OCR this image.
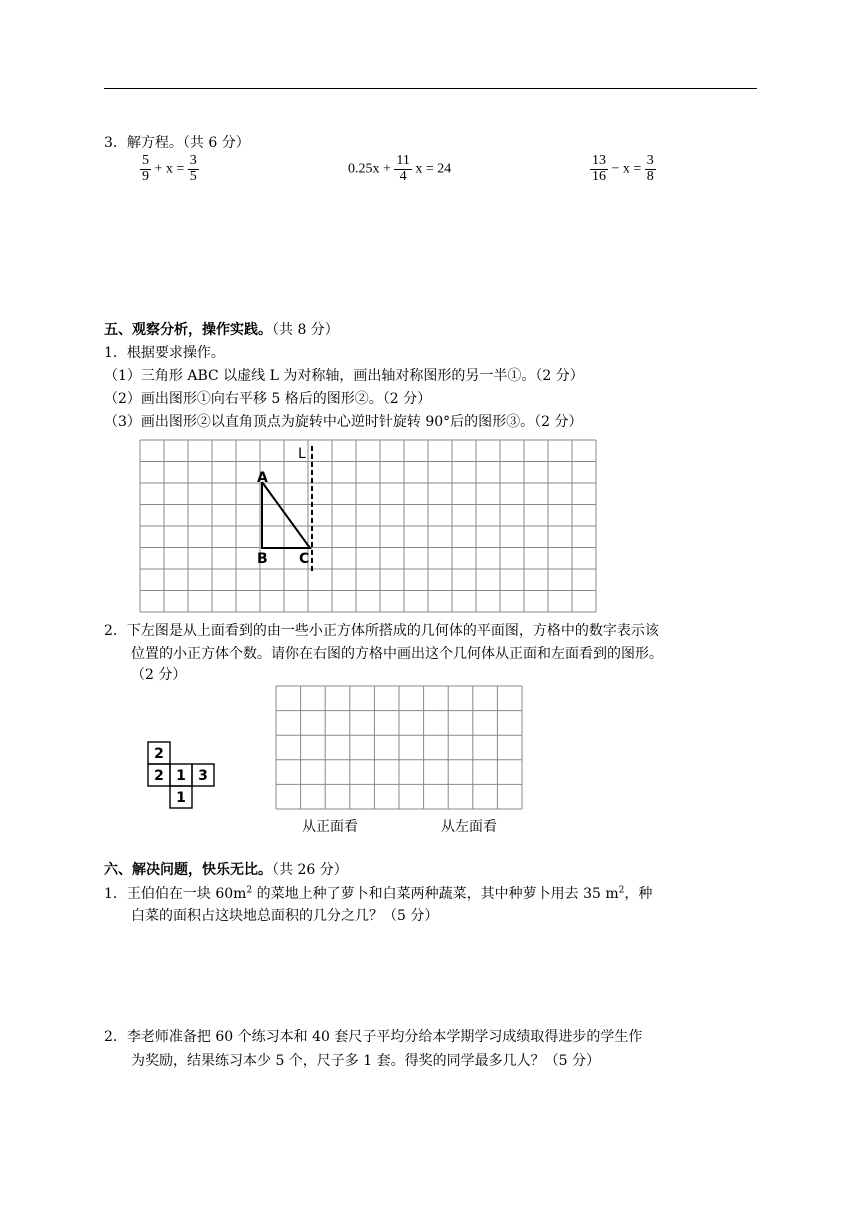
3．解方程。（共 6 分）
$\frac{5}{9} + x = \frac{3}{5}$	$0.25x + \frac{11}{4}$ x = 24	$\frac{13}{16} - x = \frac{3}{8}$
五、观察分析，操作实践。（共 8 分）
1．根据要求操作。
（1）三角形 ABC 以虚线 L 为对称轴，画出轴对称图形的另一半①。（2 分）
（2）画出图形①向右平移 5 格后的图形②。（2 分）
（3）画出图形②以直角顶点为旋转中心逆时针旋转 90°后的图形③。（2 分）
L
A
B C
2．下左图是从上面看到的由一些小正方体所搭成的几何体的平面图，方格中的数字表示该
位置的小正方体个数。请你在右图的方格中画出这个几何体从正面和左面看到的图形。
（2 分）
2
2 1 3
1
从正面看	从左面看
六、解决问题，快乐无比。（共 26 分）
1．王伯伯在一块 $60m^2$ 的菜地上种了萝卜和白菜两种蔬菜，其中种萝卜用去 35 $m^2$，种
白菜的面积占这块地总面积的几分之几？（5 分）
2．李老师准备把 60 个练习本和 40 套尺子平均分给本学期学习成绩取得进步的学生作
为奖励，结果练习本少 5 个，尺子多 1 套。得奖的同学最多几人？（5 分）
